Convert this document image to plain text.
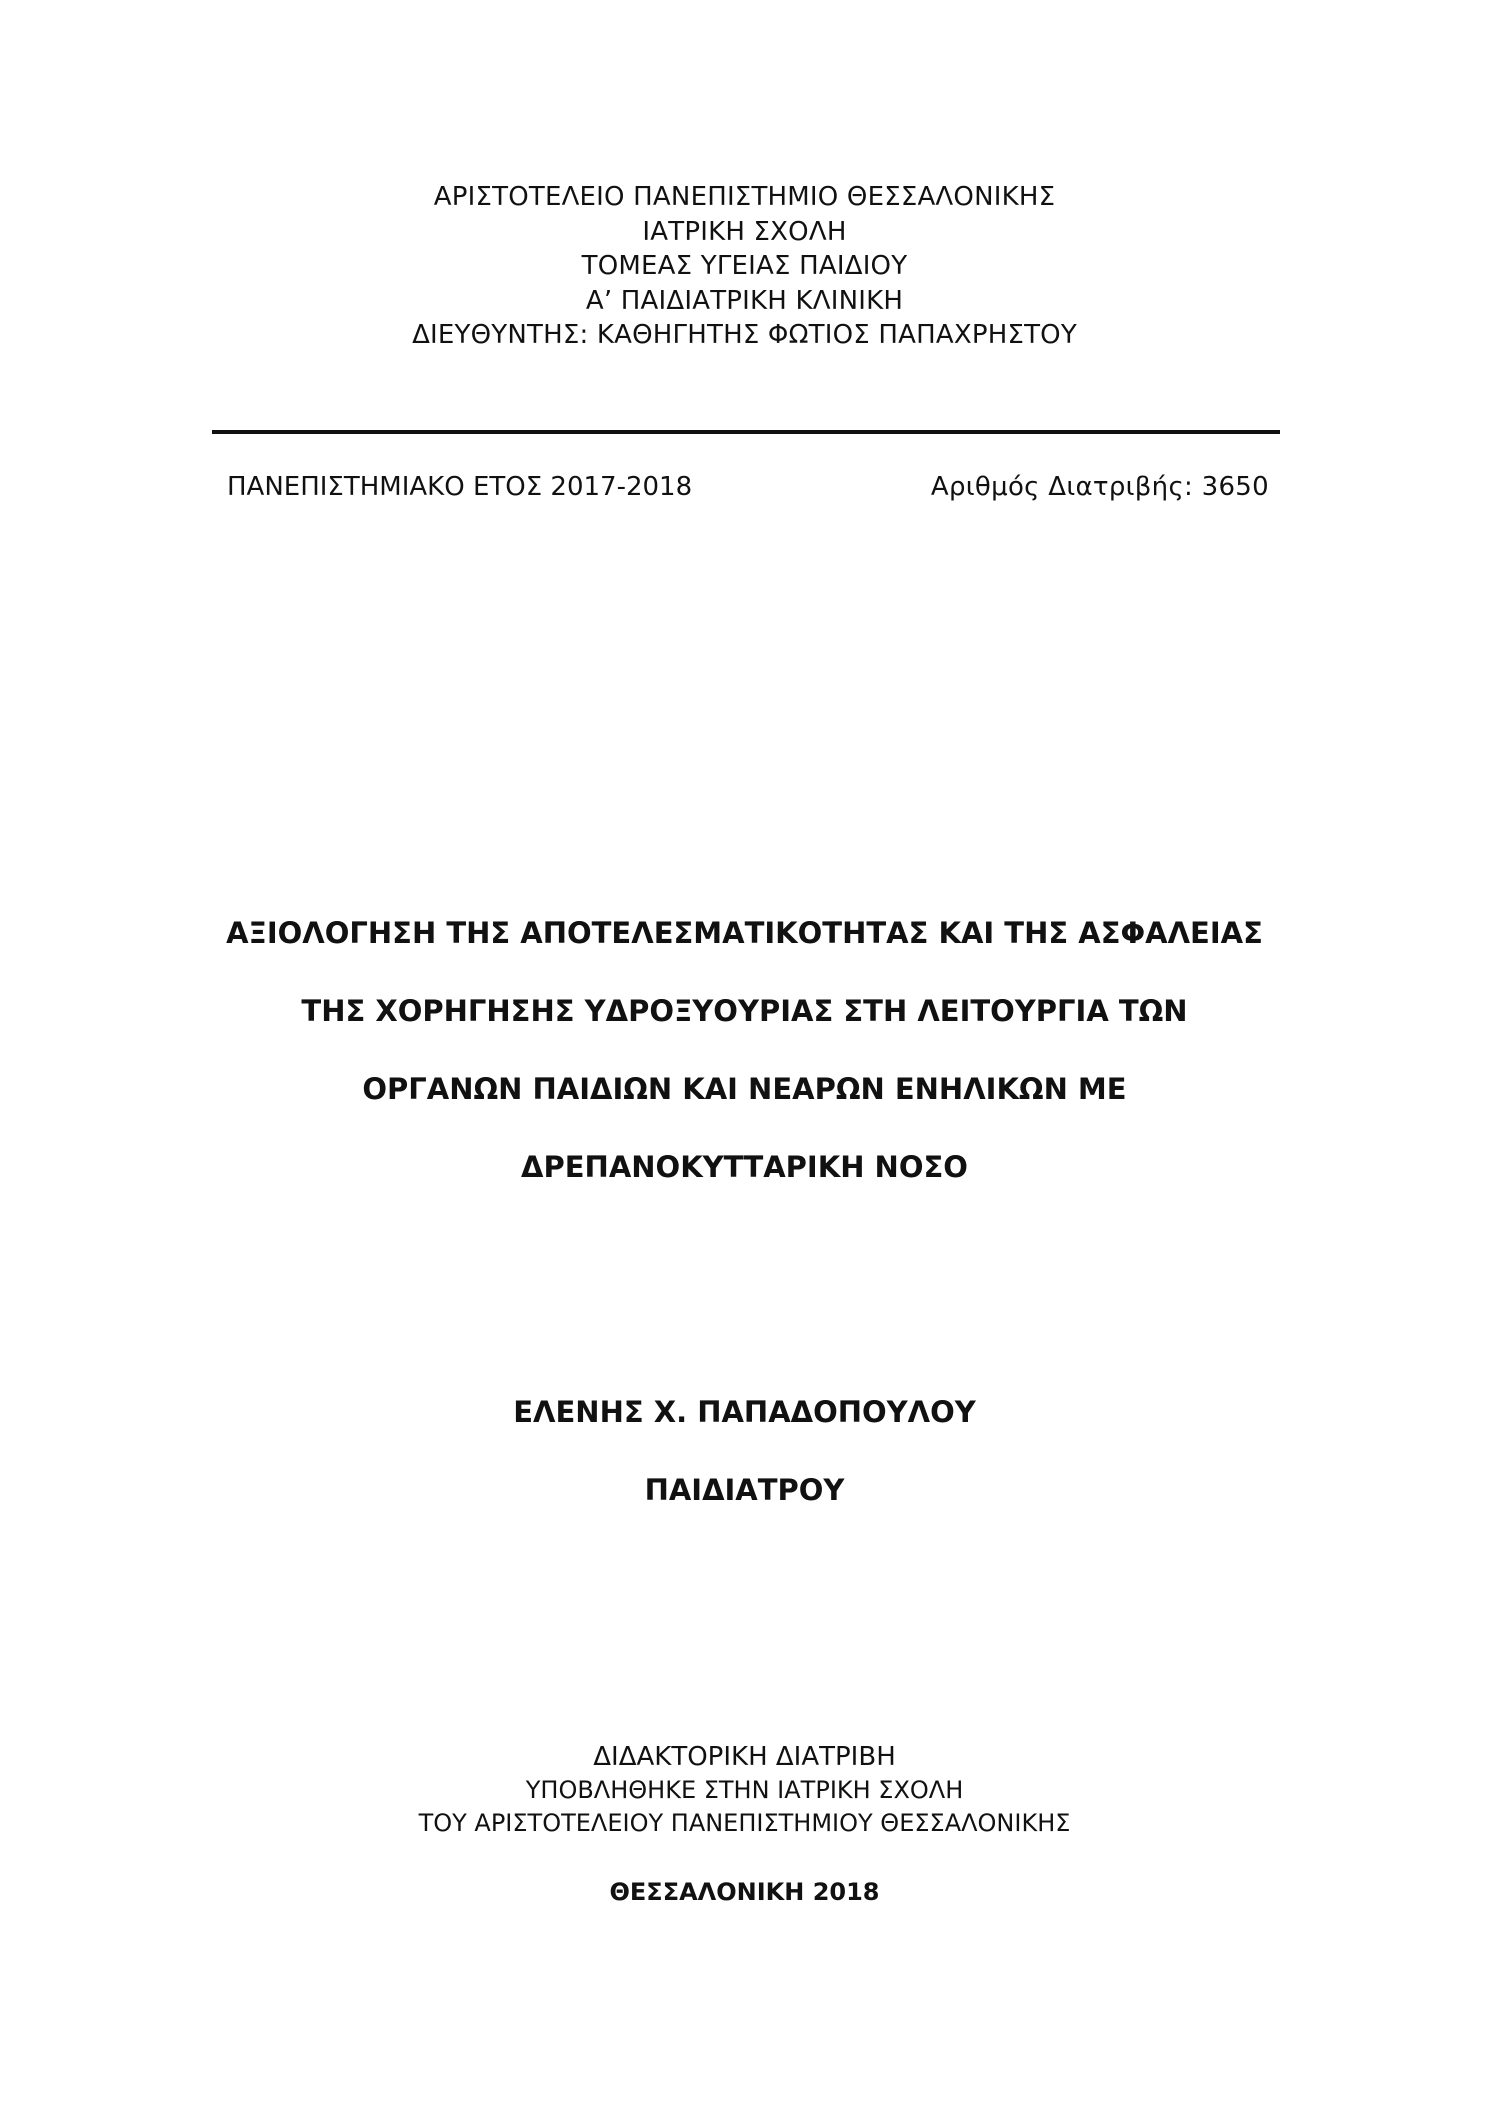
ΑΡΙΣΤΟΤΕΛΕΙΟ ΠΑΝΕΠΙΣΤΗΜΙΟ ΘΕΣΣΑΛΟΝΙΚΗΣ
ΙΑΤΡΙΚΗ ΣΧΟΛΗ
ΤΟΜΕΑΣ ΥΓΕΙΑΣ ΠΑΙΔΙΟΥ
Α’ ΠΑΙΔΙΑΤΡΙΚΗ ΚΛΙΝΙΚΗ
ΔΙΕΥΘΥΝΤΗΣ: ΚΑΘΗΓΗΤΗΣ ΦΩΤΙΟΣ ΠΑΠΑΧΡΗΣΤΟΥ
ΠΑΝΕΠΙΣΤΗΜΙΑΚΟ ΕΤΟΣ 2017-2018	Αριθμός Διατριβής: 3650
ΑΞΙΟΛΟΓΗΣΗ ΤΗΣ ΑΠΟΤΕΛΕΣΜΑΤΙΚΟΤΗΤΑΣ ΚΑΙ ΤΗΣ ΑΣΦΑΛΕΙΑΣ
ΤΗΣ ΧΟΡΗΓΗΣΗΣ ΥΔΡΟΞΥΟΥΡΙΑΣ ΣΤΗ ΛΕΙΤΟΥΡΓΙΑ ΤΩΝ
ΟΡΓΑΝΩΝ ΠΑΙΔΙΩΝ ΚΑΙ ΝΕΑΡΩΝ ΕΝΗΛΙΚΩΝ ΜΕ
ΔΡΕΠΑΝΟΚΥΤΤΑΡΙΚΗ ΝΟΣΟ
ΕΛΕΝΗΣ Χ. ΠΑΠΑΔΟΠΟΥΛΟΥ
ΠΑΙΔΙΑΤΡΟΥ
ΔΙΔΑΚΤΟΡΙΚΗ ΔΙΑΤΡΙΒΗ
ΥΠΟΒΛΗΘΗΚΕ ΣΤΗΝ ΙΑΤΡΙΚΗ ΣΧΟΛΗ
ΤΟΥ ΑΡΙΣΤΟΤΕΛΕΙΟΥ ΠΑΝΕΠΙΣΤΗΜΙΟΥ ΘΕΣΣΑΛΟΝΙΚΗΣ
ΘΕΣΣΑΛΟΝΙΚΗ 2018
